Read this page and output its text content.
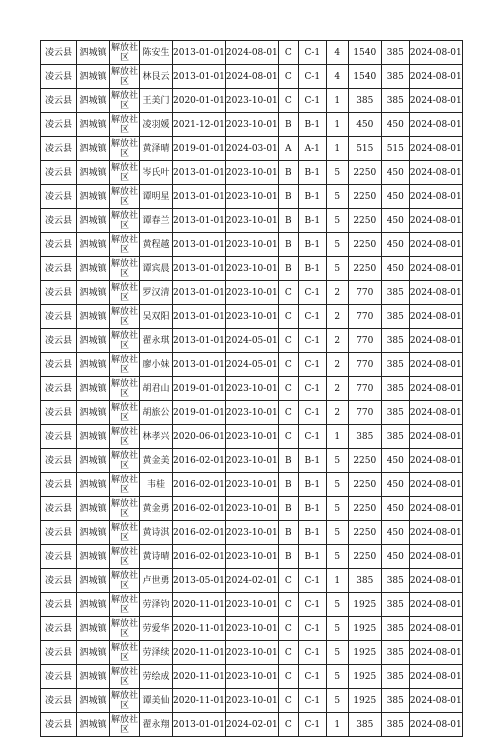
凌云县	泗城镇	解放社区	陈安生	2013-01-01	2024-08-01	C	C-1	4	1540	385	2024-08-01
凌云县	泗城镇	解放社区	林艮云	2013-01-01	2024-08-01	C	C-1	4	1540	385	2024-08-01
凌云县	泗城镇	解放社区	王美门	2020-01-01	2023-10-01	C	C-1	1	385	385	2024-08-01
凌云县	泗城镇	解放社区	凌羽媛	2021-12-01	2023-10-01	B	B-1	1	450	450	2024-08-01
凌云县	泗城镇	解放社区	黄泽晴	2019-01-01	2024-03-01	A	A-1	1	515	515	2024-08-01
凌云县	泗城镇	解放社区	岑氏叶	2013-01-01	2023-10-01	B	B-1	5	2250	450	2024-08-01
凌云县	泗城镇	解放社区	谭明星	2013-01-01	2023-10-01	B	B-1	5	2250	450	2024-08-01
凌云县	泗城镇	解放社区	谭春兰	2013-01-01	2023-10-01	B	B-1	5	2250	450	2024-08-01
凌云县	泗城镇	解放社区	黄程越	2013-01-01	2023-10-01	B	B-1	5	2250	450	2024-08-01
凌云县	泗城镇	解放社区	谭宾晨	2013-01-01	2023-10-01	B	B-1	5	2250	450	2024-08-01
凌云县	泗城镇	解放社区	罗汉清	2013-01-01	2023-10-01	C	C-1	2	770	385	2024-08-01
凌云县	泗城镇	解放社区	吴双阳	2013-01-01	2023-10-01	C	C-1	2	770	385	2024-08-01
凌云县	泗城镇	解放社区	翟永琪	2013-01-01	2024-05-01	C	C-1	2	770	385	2024-08-01
凌云县	泗城镇	解放社区	廖小妹	2013-01-01	2024-05-01	C	C-1	2	770	385	2024-08-01
凌云县	泗城镇	解放社区	胡君山	2019-01-01	2023-10-01	C	C-1	2	770	385	2024-08-01
凌云县	泗城镇	解放社区	胡旅公	2019-01-01	2023-10-01	C	C-1	2	770	385	2024-08-01
凌云县	泗城镇	解放社区	林孝兴	2020-06-01	2023-10-01	C	C-1	1	385	385	2024-08-01
凌云县	泗城镇	解放社区	黄金美	2016-02-01	2023-10-01	B	B-1	5	2250	450	2024-08-01
凌云县	泗城镇	解放社区	韦桂	2016-02-01	2023-10-01	B	B-1	5	2250	450	2024-08-01
凌云县	泗城镇	解放社区	黄金勇	2016-02-01	2023-10-01	B	B-1	5	2250	450	2024-08-01
凌云县	泗城镇	解放社区	黄诗淇	2016-02-01	2023-10-01	B	B-1	5	2250	450	2024-08-01
凌云县	泗城镇	解放社区	黄诗晴	2016-02-01	2023-10-01	B	B-1	5	2250	450	2024-08-01
凌云县	泗城镇	解放社区	卢世勇	2013-05-01	2024-02-01	C	C-1	1	385	385	2024-08-01
凌云县	泗城镇	解放社区	劳泽钧	2020-11-01	2023-10-01	C	C-1	5	1925	385	2024-08-01
凌云县	泗城镇	解放社区	劳爱华	2020-11-01	2023-10-01	C	C-1	5	1925	385	2024-08-01
凌云县	泗城镇	解放社区	劳泽续	2020-11-01	2023-10-01	C	C-1	5	1925	385	2024-08-01
凌云县	泗城镇	解放社区	劳绘成	2020-11-01	2023-10-01	C	C-1	5	1925	385	2024-08-01
凌云县	泗城镇	解放社区	谭美仙	2020-11-01	2023-10-01	C	C-1	5	1925	385	2024-08-01
凌云县	泗城镇	解放社区	翟永翔	2013-01-01	2024-02-01	C	C-1	1	385	385	2024-08-01
